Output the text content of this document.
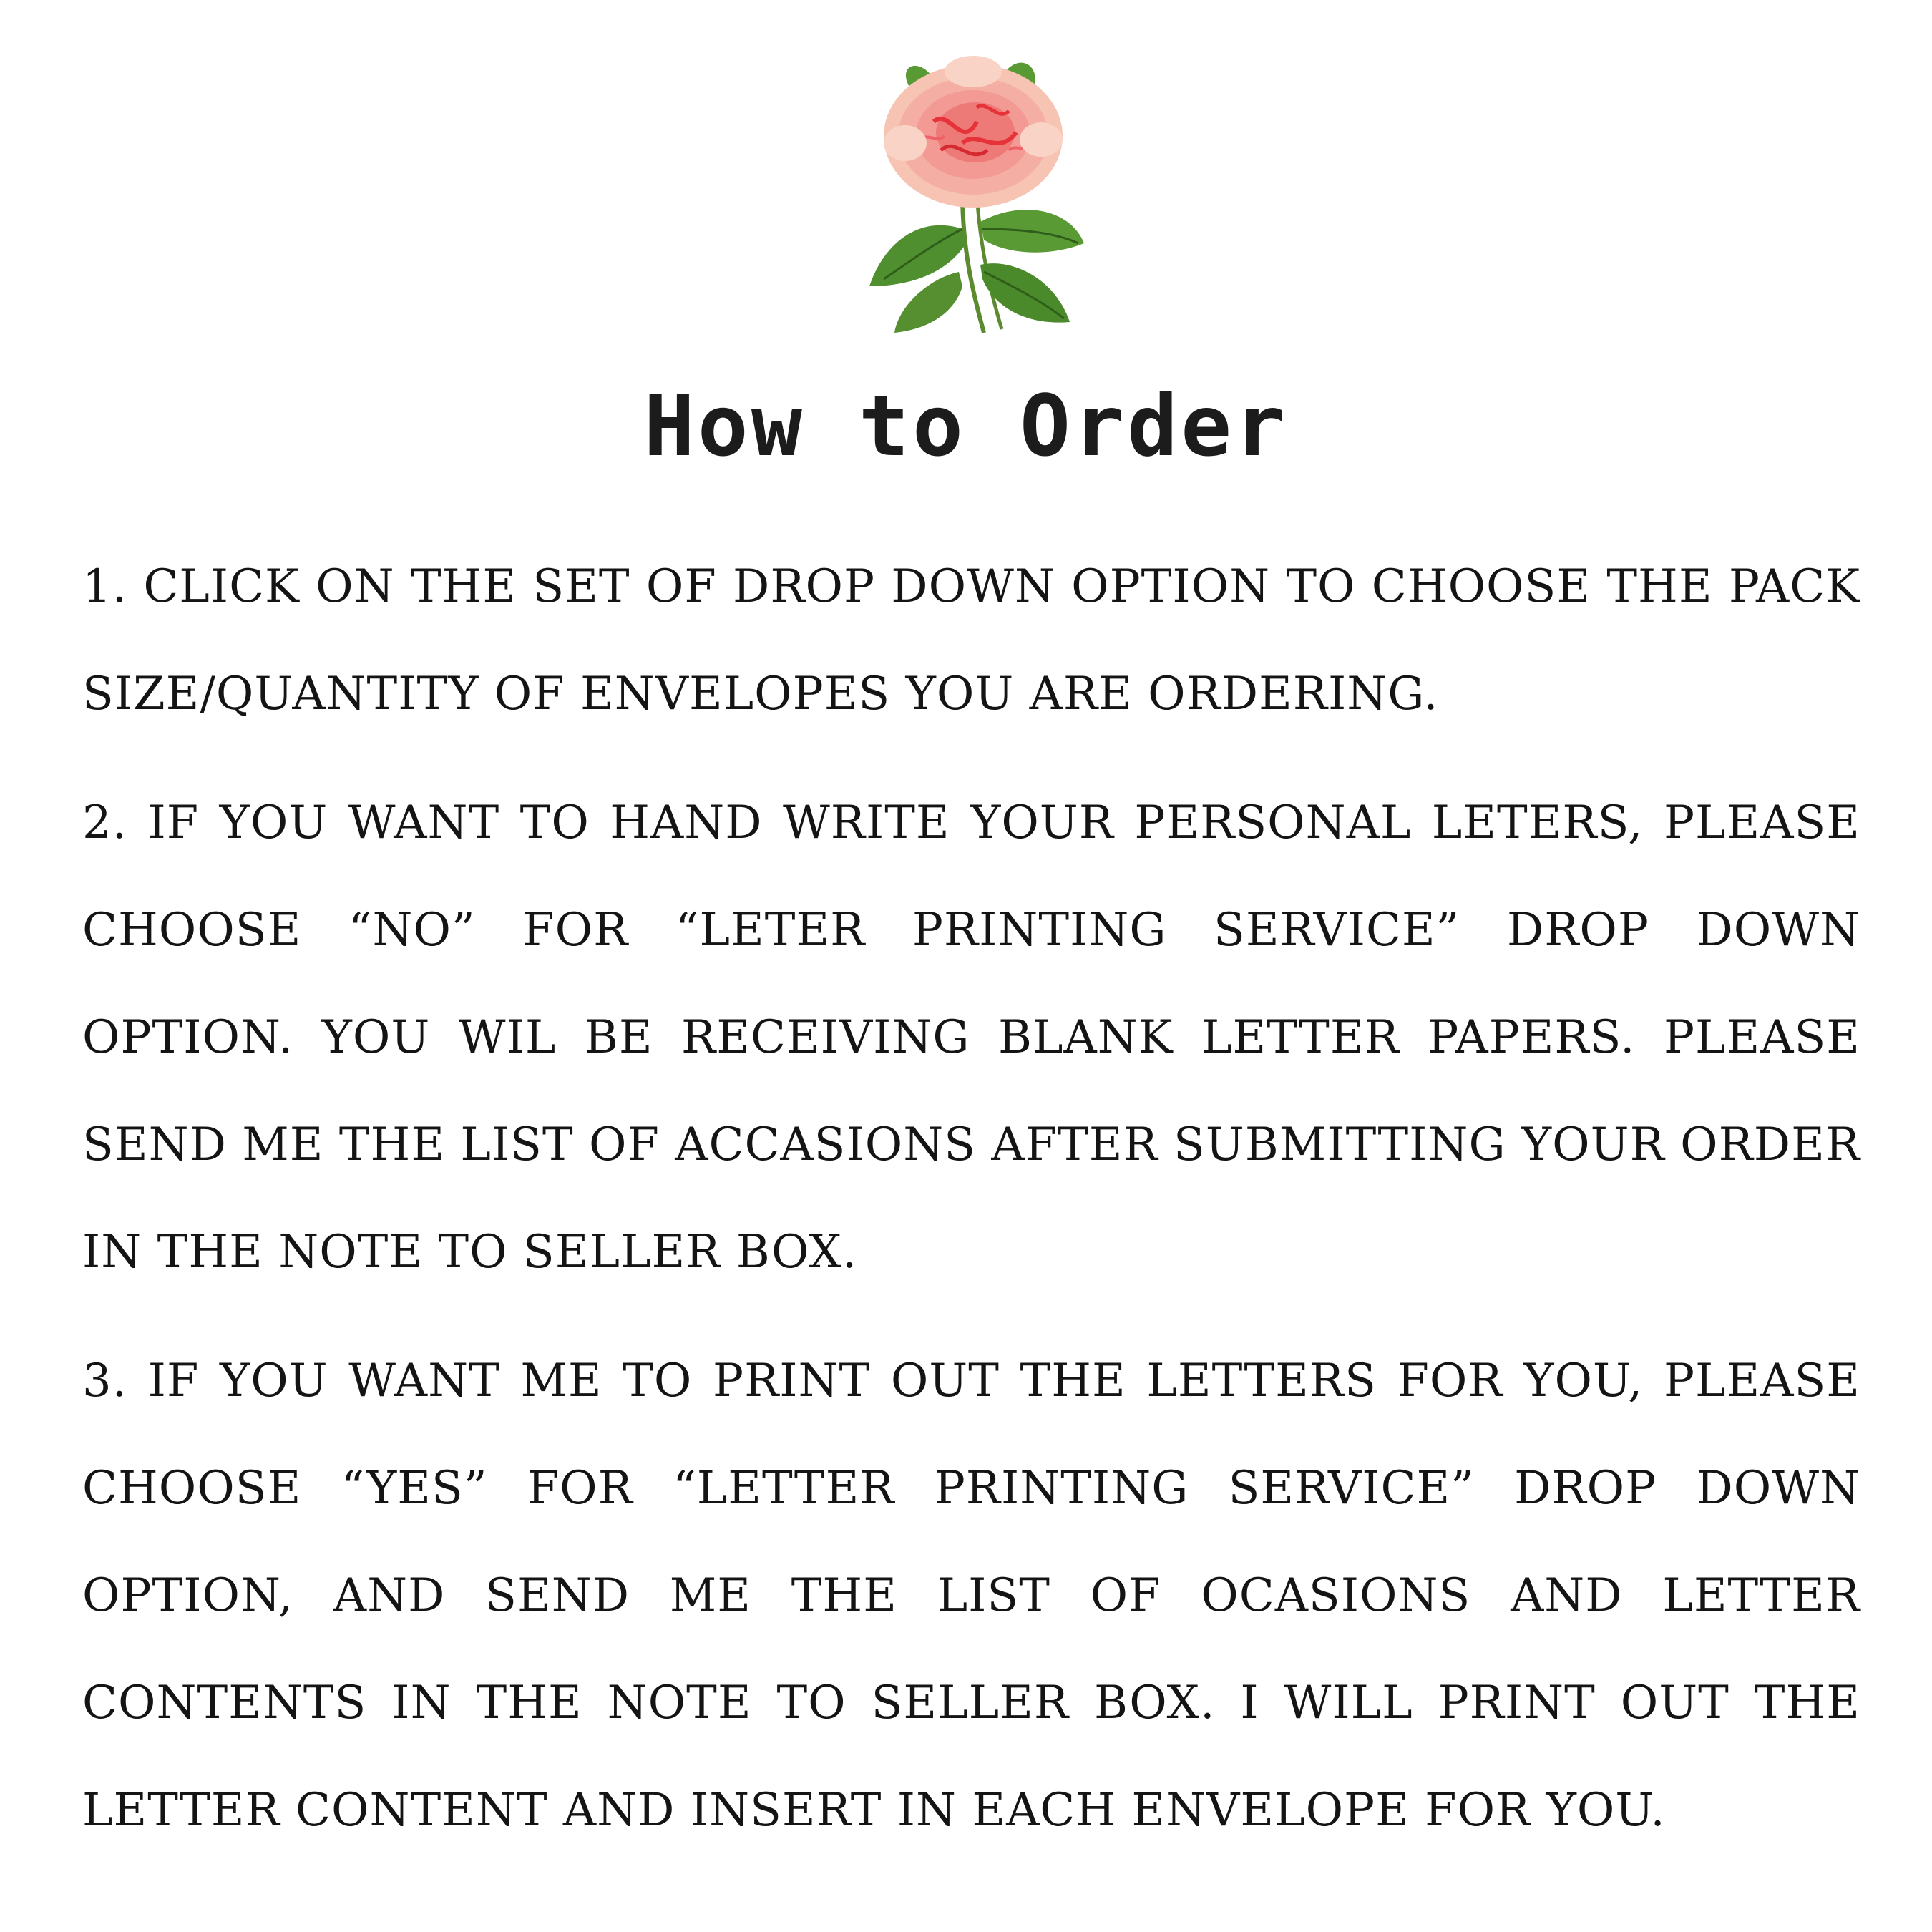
How to Order

1. CLICK ON THE SET OF DROP DOWN OPTION TO CHOOSE THE PACK SIZE/QUANTITY OF ENVELOPES YOU ARE ORDERING.

2. IF YOU WANT TO HAND WRITE YOUR PERSONAL LETERS, PLEASE CHOOSE “NO” FOR “LETER PRINTING SERVICE” DROP DOWN OPTION. YOU WIL BE RECEIVING BLANK LETTER PAPERS. PLEASE SEND ME THE LIST OF ACCASIONS AFTER SUBMITTING YOUR ORDER IN THE NOTE TO SELLER BOX.

3. IF YOU WANT ME TO PRINT OUT THE LETTERS FOR YOU, PLEASE CHOOSE “YES” FOR “LETTER PRINTING SERVICE” DROP DOWN OPTION, AND SEND ME THE LIST OF OCASIONS AND LETTER CONTENTS IN THE NOTE TO SELLER BOX. I WILL PRINT OUT THE LETTER CONTENT AND INSERT IN EACH ENVELOPE FOR YOU.
